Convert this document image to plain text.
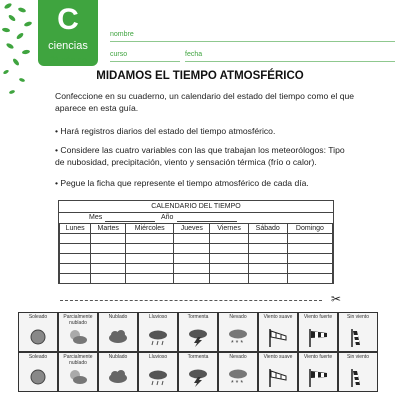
C
ciencias
2º básico
nombre
curso	fecha
MIDAMOS EL TIEMPO ATMOSFÉRICO
Confeccione en su cuaderno, un calendario del estado del tiempo como el que aparece en esta guía.
• Hará registros diarios del estado del tiempo atmosférico.
• Considere las cuatro variables con las que trabajan los meteorólogos: Tipo de nubosidad, precipitación, viento y sensación térmica (frío o calor).
• Pegue la ficha que represente el tiempo atmosférico de cada día.
CALENDARIO DEL TIEMPO
Mes	Año
Lunes	Martes	Miércoles	Jueves	Viernes	Sábado	Domingo

✂
Soleado	Parcialmente nublado
Nublado	Lluvioso	Tormenta	Nevado
* * *
Viento suave	Viento fuerte	Sin viento
Soleado	Parcialmente nublado
Nublado	Lluvioso	Tormenta	Nevado
* * *
Viento suave	Viento fuerte	Sin viento
